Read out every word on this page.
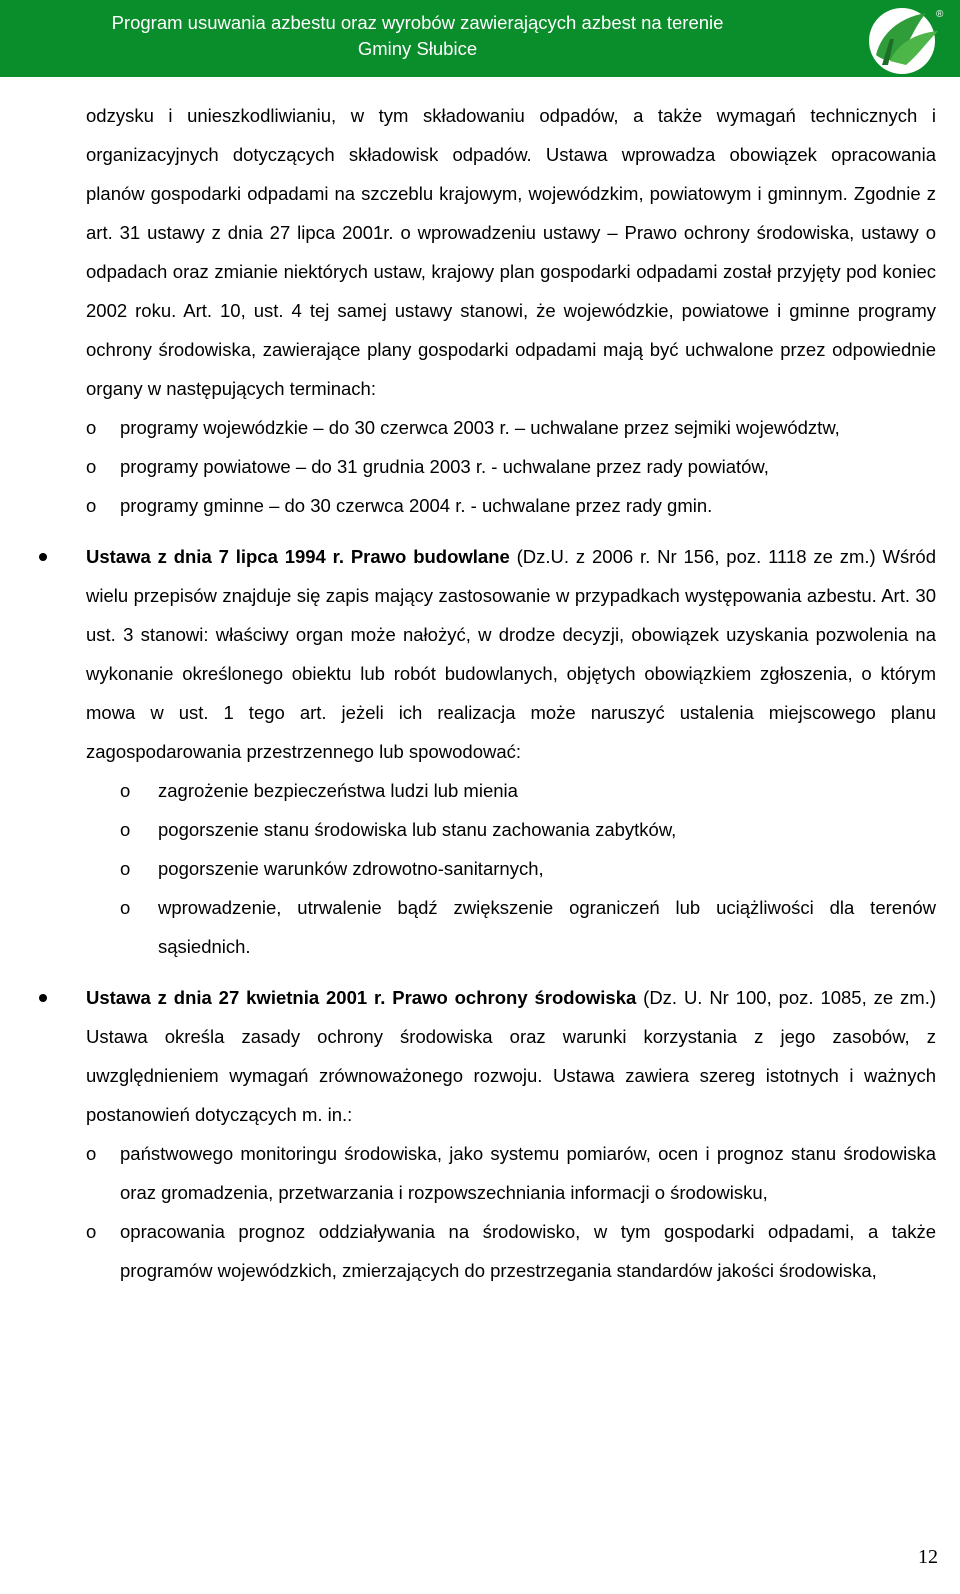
Program usuwania azbestu oraz wyrobów zawierających azbest na terenie
Gminy Słubice
®

odzysku i unieszkodliwianiu, w tym składowaniu odpadów, a także wymagań technicznych i organizacyjnych dotyczących składowisk odpadów. Ustawa wprowadza obowiązek opracowania planów gospodarki odpadami na szczeblu krajowym, wojewódzkim, powiatowym i gminnym. Zgodnie z art. 31 ustawy z dnia 27 lipca 2001r. o wprowadzeniu ustawy – Prawo ochrony środowiska, ustawy o odpadach oraz zmianie niektórych ustaw, krajowy plan gospodarki odpadami został przyjęty pod koniec 2002 roku. Art. 10, ust. 4 tej samej ustawy stanowi, że wojewódzkie, powiatowe i gminne programy ochrony środowiska, zawierające plany gospodarki odpadami mają być uchwalone przez odpowiednie organy w następujących terminach:

o programy wojewódzkie – do 30 czerwca 2003 r. – uchwalane przez sejmiki województw,

o programy powiatowe – do 31 grudnia 2003 r. - uchwalane przez rady powiatów,

o programy gminne – do 30 czerwca 2004 r. - uchwalane przez rady gmin.

Ustawa z dnia 7 lipca 1994 r. Prawo budowlane (Dz.U. z 2006 r. Nr 156, poz. 1118 ze zm.) Wśród wielu przepisów znajduje się zapis mający zastosowanie w przypadkach występowania azbestu. Art. 30 ust. 3 stanowi: właściwy organ może nałożyć, w drodze decyzji, obowiązek uzyskania pozwolenia na wykonanie określonego obiektu lub robót budowlanych, objętych obowiązkiem zgłoszenia, o którym mowa w ust. 1 tego art. jeżeli ich realizacja może naruszyć ustalenia miejscowego planu zagospodarowania przestrzennego lub spowodować:

o zagrożenie bezpieczeństwa ludzi lub mienia

o pogorszenie stanu środowiska lub stanu zachowania zabytków,

o pogorszenie warunków zdrowotno-sanitarnych,

o wprowadzenie, utrwalenie bądź zwiększenie ograniczeń lub uciążliwości dla terenów sąsiednich.

Ustawa z dnia 27 kwietnia 2001 r. Prawo ochrony środowiska (Dz. U. Nr 100, poz. 1085, ze zm.) Ustawa określa zasady ochrony środowiska oraz warunki korzystania z jego zasobów, z uwzględnieniem wymagań zrównoważonego rozwoju. Ustawa zawiera szereg istotnych i ważnych postanowień dotyczących m. in.:

o państwowego monitoringu środowiska, jako systemu pomiarów, ocen i prognoz stanu środowiska oraz gromadzenia, przetwarzania i rozpowszechniania informacji o środowisku,

o opracowania prognoz oddziaływania na środowisko, w tym gospodarki odpadami, a także programów wojewódzkich, zmierzających do przestrzegania standardów jakości środowiska,

12
